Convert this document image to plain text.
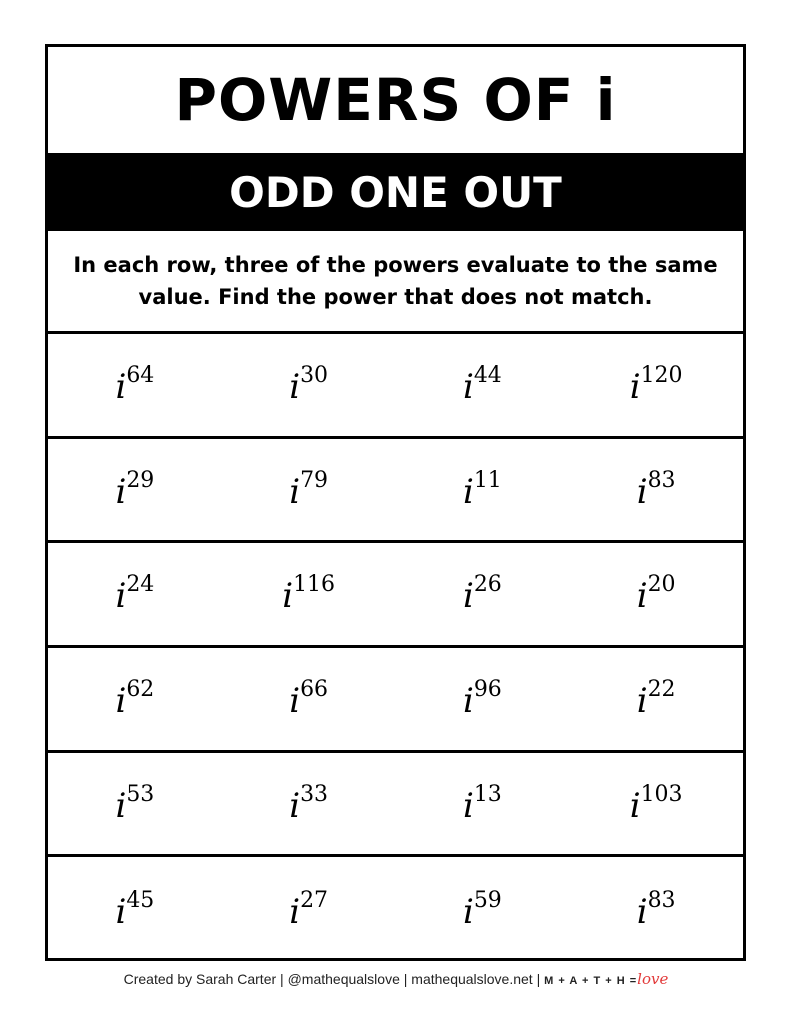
POWERS OF i
ODD ONE OUT
In each row, three of the powers evaluate to the same value. Find the power that does not match.
$i^{64}$	$i^{30}$	$i^{44}$	$i^{120}$
$i^{29}$	$i^{79}$	$i^{11}$	$i^{83}$
$i^{24}$	$i^{116}$	$i^{26}$	$i^{20}$
$i^{62}$	$i^{66}$	$i^{96}$	$i^{22}$
$i^{53}$	$i^{33}$	$i^{13}$	$i^{103}$
$i^{45}$	$i^{27}$	$i^{59}$	$i^{83}$
Created by Sarah Carter | @mathequalslove | mathequalslove.net | M + A + T + H =love
